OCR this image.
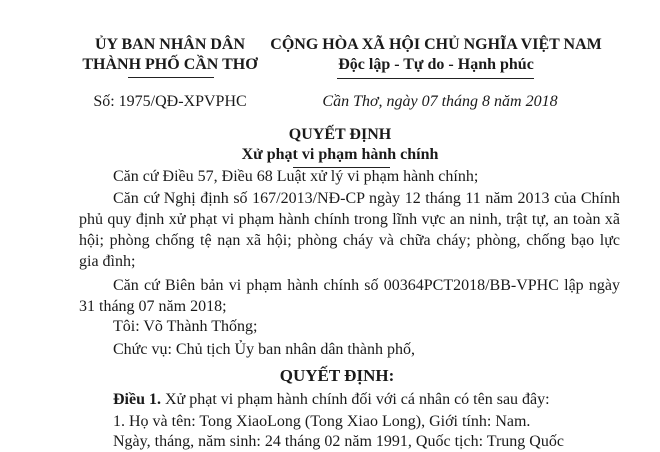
ỦY BAN NHÂN DÂN
THÀNH PHỐ CẦN THƠ
CỘNG HÒA XÃ HỘI CHỦ NGHĨA VIỆT NAM
Độc lập - Tự do - Hạnh phúc
Số: 1975/QĐ-XPVPHC	Cần Thơ, ngày 07 tháng 8 năm 2018
QUYẾT ĐỊNH
Xử phạt vi phạm hành chính
Căn cứ Điều 57, Điều 68 Luật xử lý vi phạm hành chính;
Căn cứ Nghị định số 167/2013/NĐ-CP ngày 12 tháng 11 năm 2013 của Chính
phủ quy định xử phạt vi phạm hành chính trong lĩnh vực an ninh, trật tự, an toàn xã
hội; phòng chống tệ nạn xã hội; phòng cháy và chữa cháy; phòng, chống bạo lực
gia đình;
Căn cứ Biên bản vi phạm hành chính số 00364PCT2018/BB-VPHC lập ngày
31 tháng 07 năm 2018;
Tôi: Võ Thành Thống;
Chức vụ: Chủ tịch Ủy ban nhân dân thành phố,
QUYẾT ĐỊNH:
Điều 1. Xử phạt vi phạm hành chính đối với cá nhân có tên sau đây:
1. Họ và tên: Tong XiaoLong (Tong Xiao Long), Giới tính: Nam.
Ngày, tháng, năm sinh: 24 tháng 02 năm 1991, Quốc tịch: Trung Quốc
